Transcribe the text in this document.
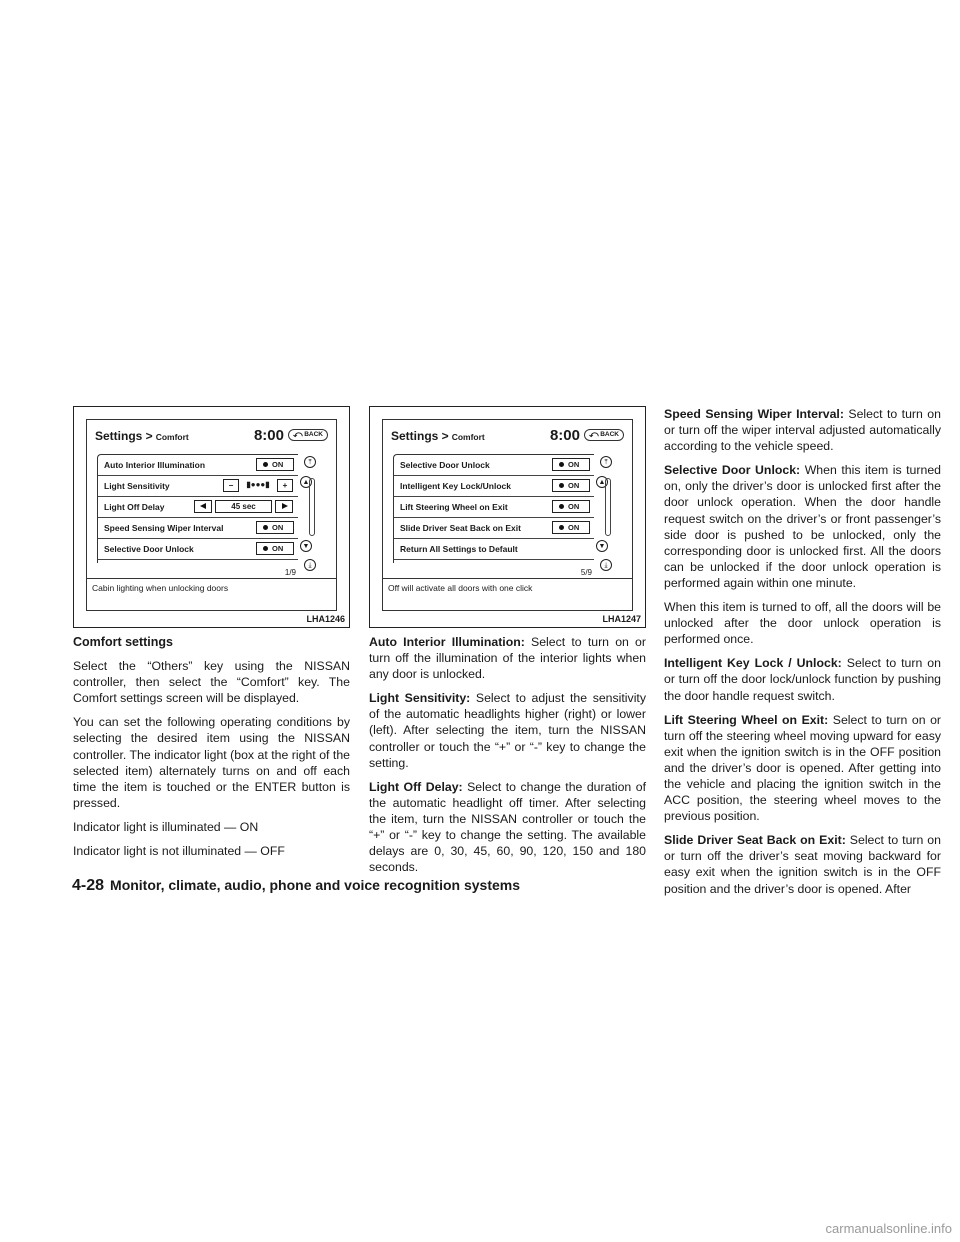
Settings > Comfort	8:00	⤺ BACK
Auto Interior Illumination	ON
Light Sensitivity	−	▮●●●▮	+
Light Off Delay	45 sec
Speed Sensing Wiper Interval	ON
Selective Door Unlock	ON
⤒
▲
▼
⤓
1/9
Cabin lighting when unlocking doors
LHA1246
Settings > Comfort	8:00	⤺ BACK
Selective Door Unlock	ON
Intelligent Key Lock/Unlock	ON
Lift Steering Wheel on Exit	ON
Slide Driver Seat Back on Exit	ON
Return All Settings to Default
⤒
▲
▼
⤓
5/9
Off will activate all doors with one click
LHA1247

Comfort settings

Select the “Others” key using the NISSAN controller, then select the “Comfort” key. The Comfort settings screen will be displayed.

You can set the following operating conditions by selecting the desired item using the NISSAN controller. The indicator light (box at the right of the selected item) alternately turns on and off each time the item is touched or the ENTER button is pressed.

Indicator light is illuminated — ON

Indicator light is not illuminated — OFF

Auto Interior Illumination: Select to turn on or turn off the illumination of the interior lights when any door is unlocked.

Light Sensitivity: Select to adjust the sensitivity of the automatic headlights higher (right) or lower (left). After selecting the item, turn the NISSAN controller or touch the “+” or “-” key to change the setting.

Light Off Delay: Select to change the duration of the automatic headlight off timer. After selecting the item, turn the NISSAN controller or touch the “+” or “-” key to change the setting. The available delays are 0, 30, 45, 60, 90, 120, 150 and 180 seconds.

Speed Sensing Wiper Interval: Select to turn on or turn off the wiper interval adjusted automatically according to the vehicle speed.

Selective Door Unlock: When this item is turned on, only the driver’s door is unlocked first after the door unlock operation. When the door handle request switch on the driver’s or front passenger’s side door is pushed to be unlocked, only the corresponding door is unlocked first. All the doors can be unlocked if the door unlock operation is performed again within one minute.

When this item is turned to off, all the doors will be unlocked after the door unlock operation is performed once.

Intelligent Key Lock / Unlock: Select to turn on or turn off the door lock/unlock function by pushing the door handle request switch.

Lift Steering Wheel on Exit: Select to turn on or turn off the steering wheel moving upward for easy exit when the ignition switch is in the OFF position and the driver’s door is opened. After getting into the vehicle and placing the ignition switch in the ACC position, the steering wheel moves to the previous position.

Slide Driver Seat Back on Exit: Select to turn on or turn off the driver’s seat moving backward for easy exit when the ignition switch is in the OFF position and the driver’s door is opened. After

4-28 Monitor, climate, audio, phone and voice recognition systems
carmanualsonline.info
